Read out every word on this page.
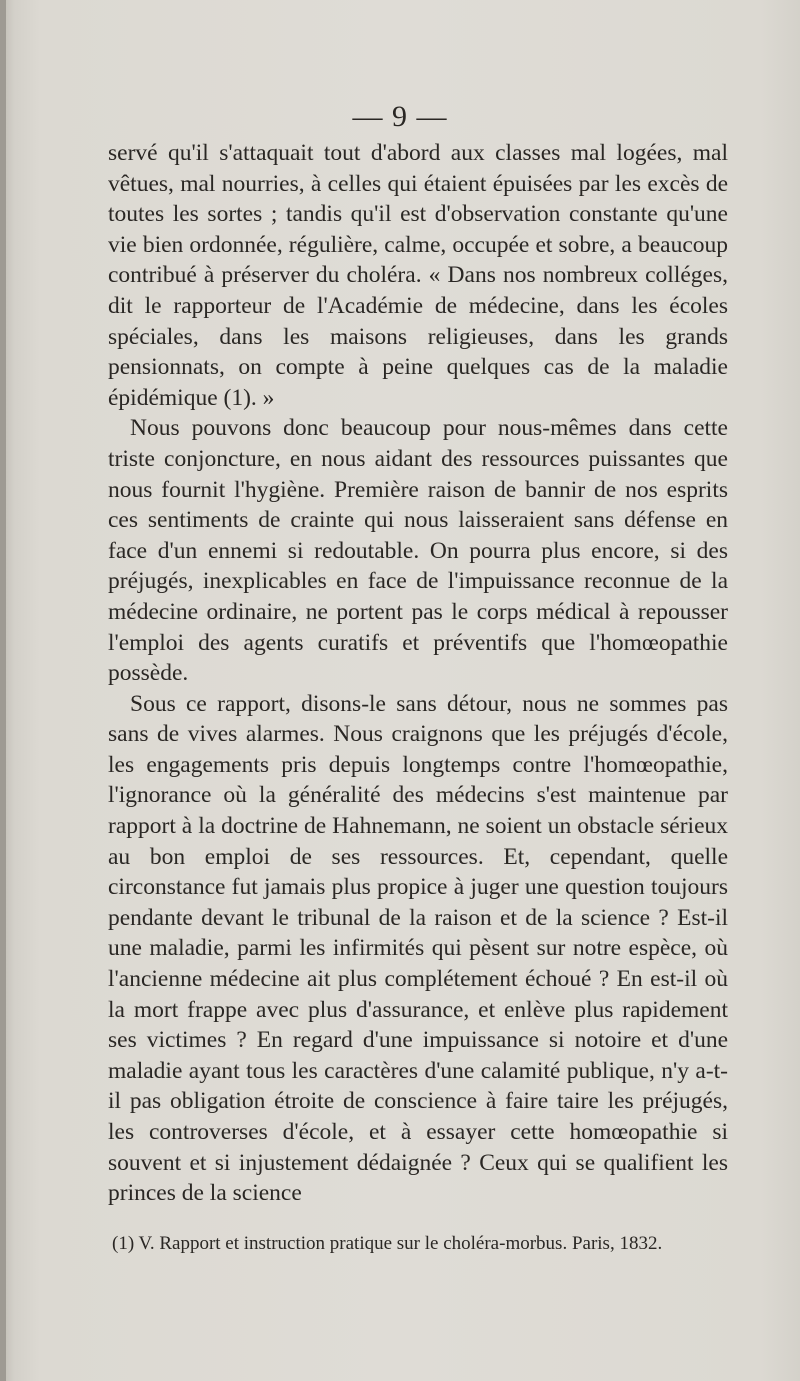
— 9 —

servé qu'il s'attaquait tout d'abord aux classes mal logées, mal vêtues, mal nourries, à celles qui étaient épuisées par les excès de toutes les sortes ; tandis qu'il est d'observation constante qu'une vie bien ordonnée, régulière, calme, occupée et sobre, a beaucoup contribué à préserver du choléra. « Dans nos nombreux colléges, dit le rapporteur de l'Académie de médecine, dans les écoles spéciales, dans les maisons religieuses, dans les grands pensionnats, on compte à peine quelques cas de la maladie épidémique (1). »

Nous pouvons donc beaucoup pour nous-mêmes dans cette triste conjoncture, en nous aidant des ressources puissantes que nous fournit l'hygiène. Première raison de bannir de nos esprits ces sentiments de crainte qui nous laisseraient sans défense en face d'un ennemi si redoutable. On pourra plus encore, si des préjugés, inexplicables en face de l'impuissance reconnue de la médecine ordinaire, ne portent pas le corps médical à repousser l'emploi des agents curatifs et préventifs que l'homœopathie possède.

Sous ce rapport, disons-le sans détour, nous ne sommes pas sans de vives alarmes. Nous craignons que les préjugés d'école, les engagements pris depuis longtemps contre l'homœopathie, l'ignorance où la généralité des médecins s'est maintenue par rapport à la doctrine de Hahnemann, ne soient un obstacle sérieux au bon emploi de ses ressources. Et, cependant, quelle circonstance fut jamais plus propice à juger une question toujours pendante devant le tribunal de la raison et de la science ? Est-il une maladie, parmi les infirmités qui pèsent sur notre espèce, où l'ancienne médecine ait plus complétement échoué ? En est-il où la mort frappe avec plus d'assurance, et enlève plus rapidement ses victimes ? En regard d'une impuissance si notoire et d'une maladie ayant tous les caractères d'une calamité publique, n'y a-t-il pas obligation étroite de conscience à faire taire les préjugés, les controverses d'école, et à essayer cette homœopathie si souvent et si injustement dédaignée ? Ceux qui se qualifient les princes de la science

(1) V. Rapport et instruction pratique sur le choléra-morbus. Paris, 1832.
